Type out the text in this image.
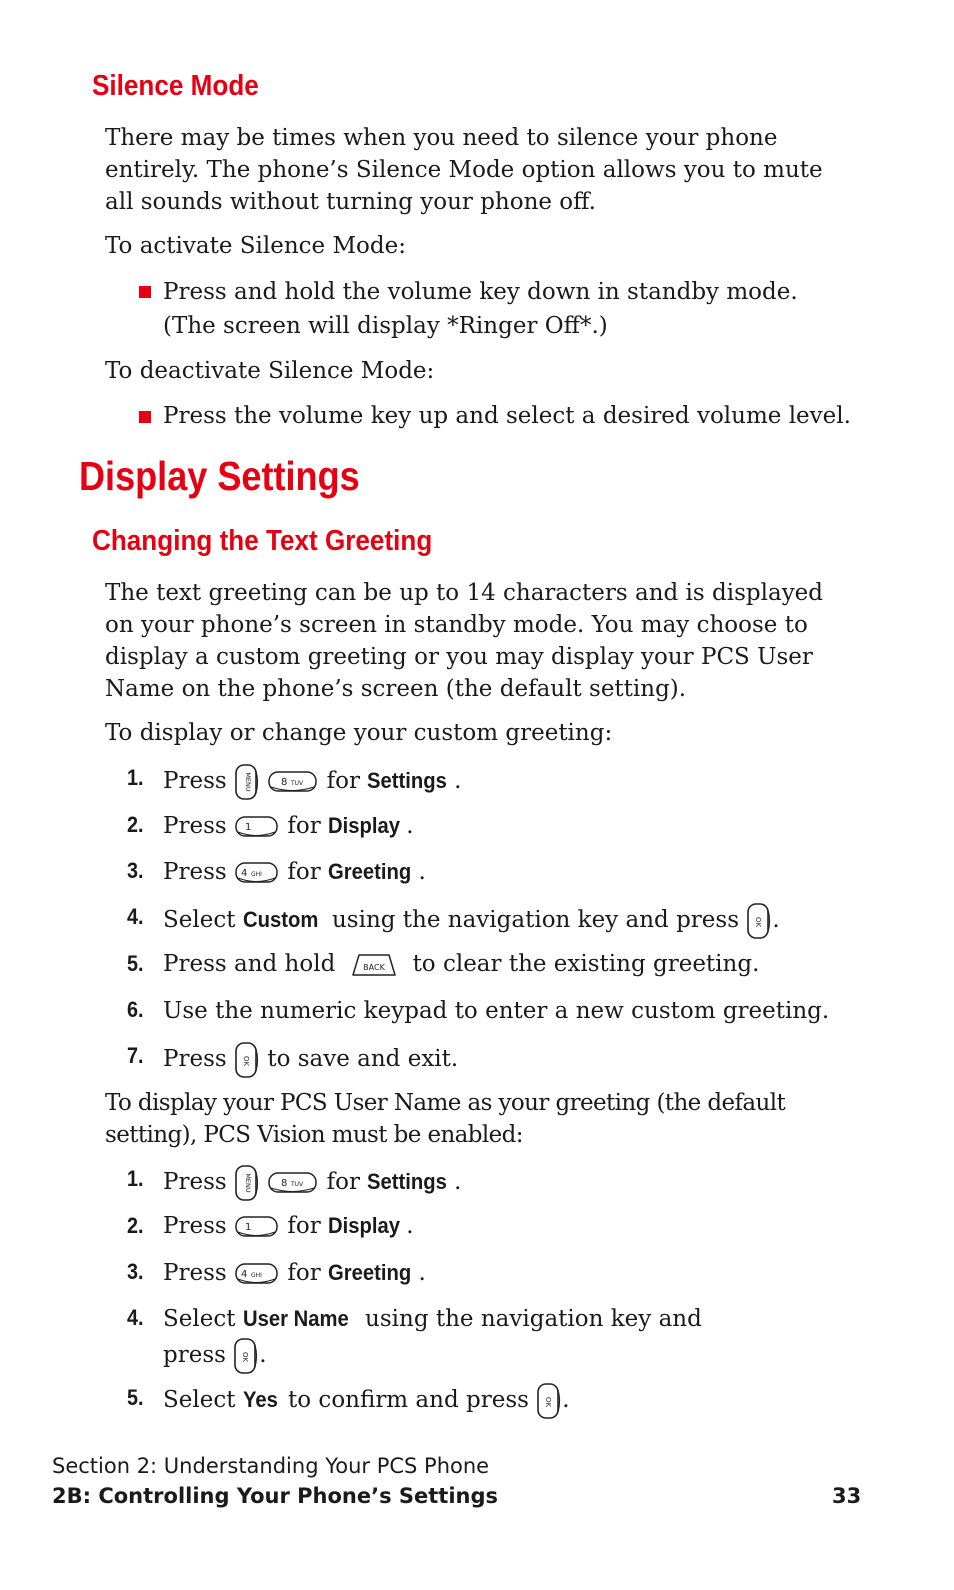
Silence Mode
There may be times when you need to silence your phone entirely. The phone’s Silence Mode option allows you to mute all sounds without turning your phone off.
To activate Silence Mode:
Press and hold the volume key down in standby mode.
(The screen will display *Ringer Off*.)
To deactivate Silence Mode:
Press the volume key up and select a desired volume level.
Display Settings
Changing the Text Greeting
The text greeting can be up to 14 characters and is displayed on your phone’s screen in standby mode. You may choose to display a custom greeting or you may display your PCS User Name on the phone’s screen (the default setting).
To display or change your custom greeting:
1. Press	8 TUV for Settings .
2. Press 1 for Display .
3. Press 4 GHI for Greeting .
4. Select Custom using the navigation key and press .
5. Press and hold	BACK to clear the existing greeting.
6. Use the numeric keypad to enter a new custom greeting.
7. Press to save and exit.
To display your PCS User Name as your greeting (the default setting), PCS Vision must be enabled:
1. Press	8 TUV for Settings .
2. Press 1 for Display .
3. Press 4 GHI for Greeting .
4. Select User Name using the navigation key and
press .
5. Select Yes to confirm and press .
Section 2: Understanding Your PCS Phone
2B: Controlling Your Phone’s Settings	33
